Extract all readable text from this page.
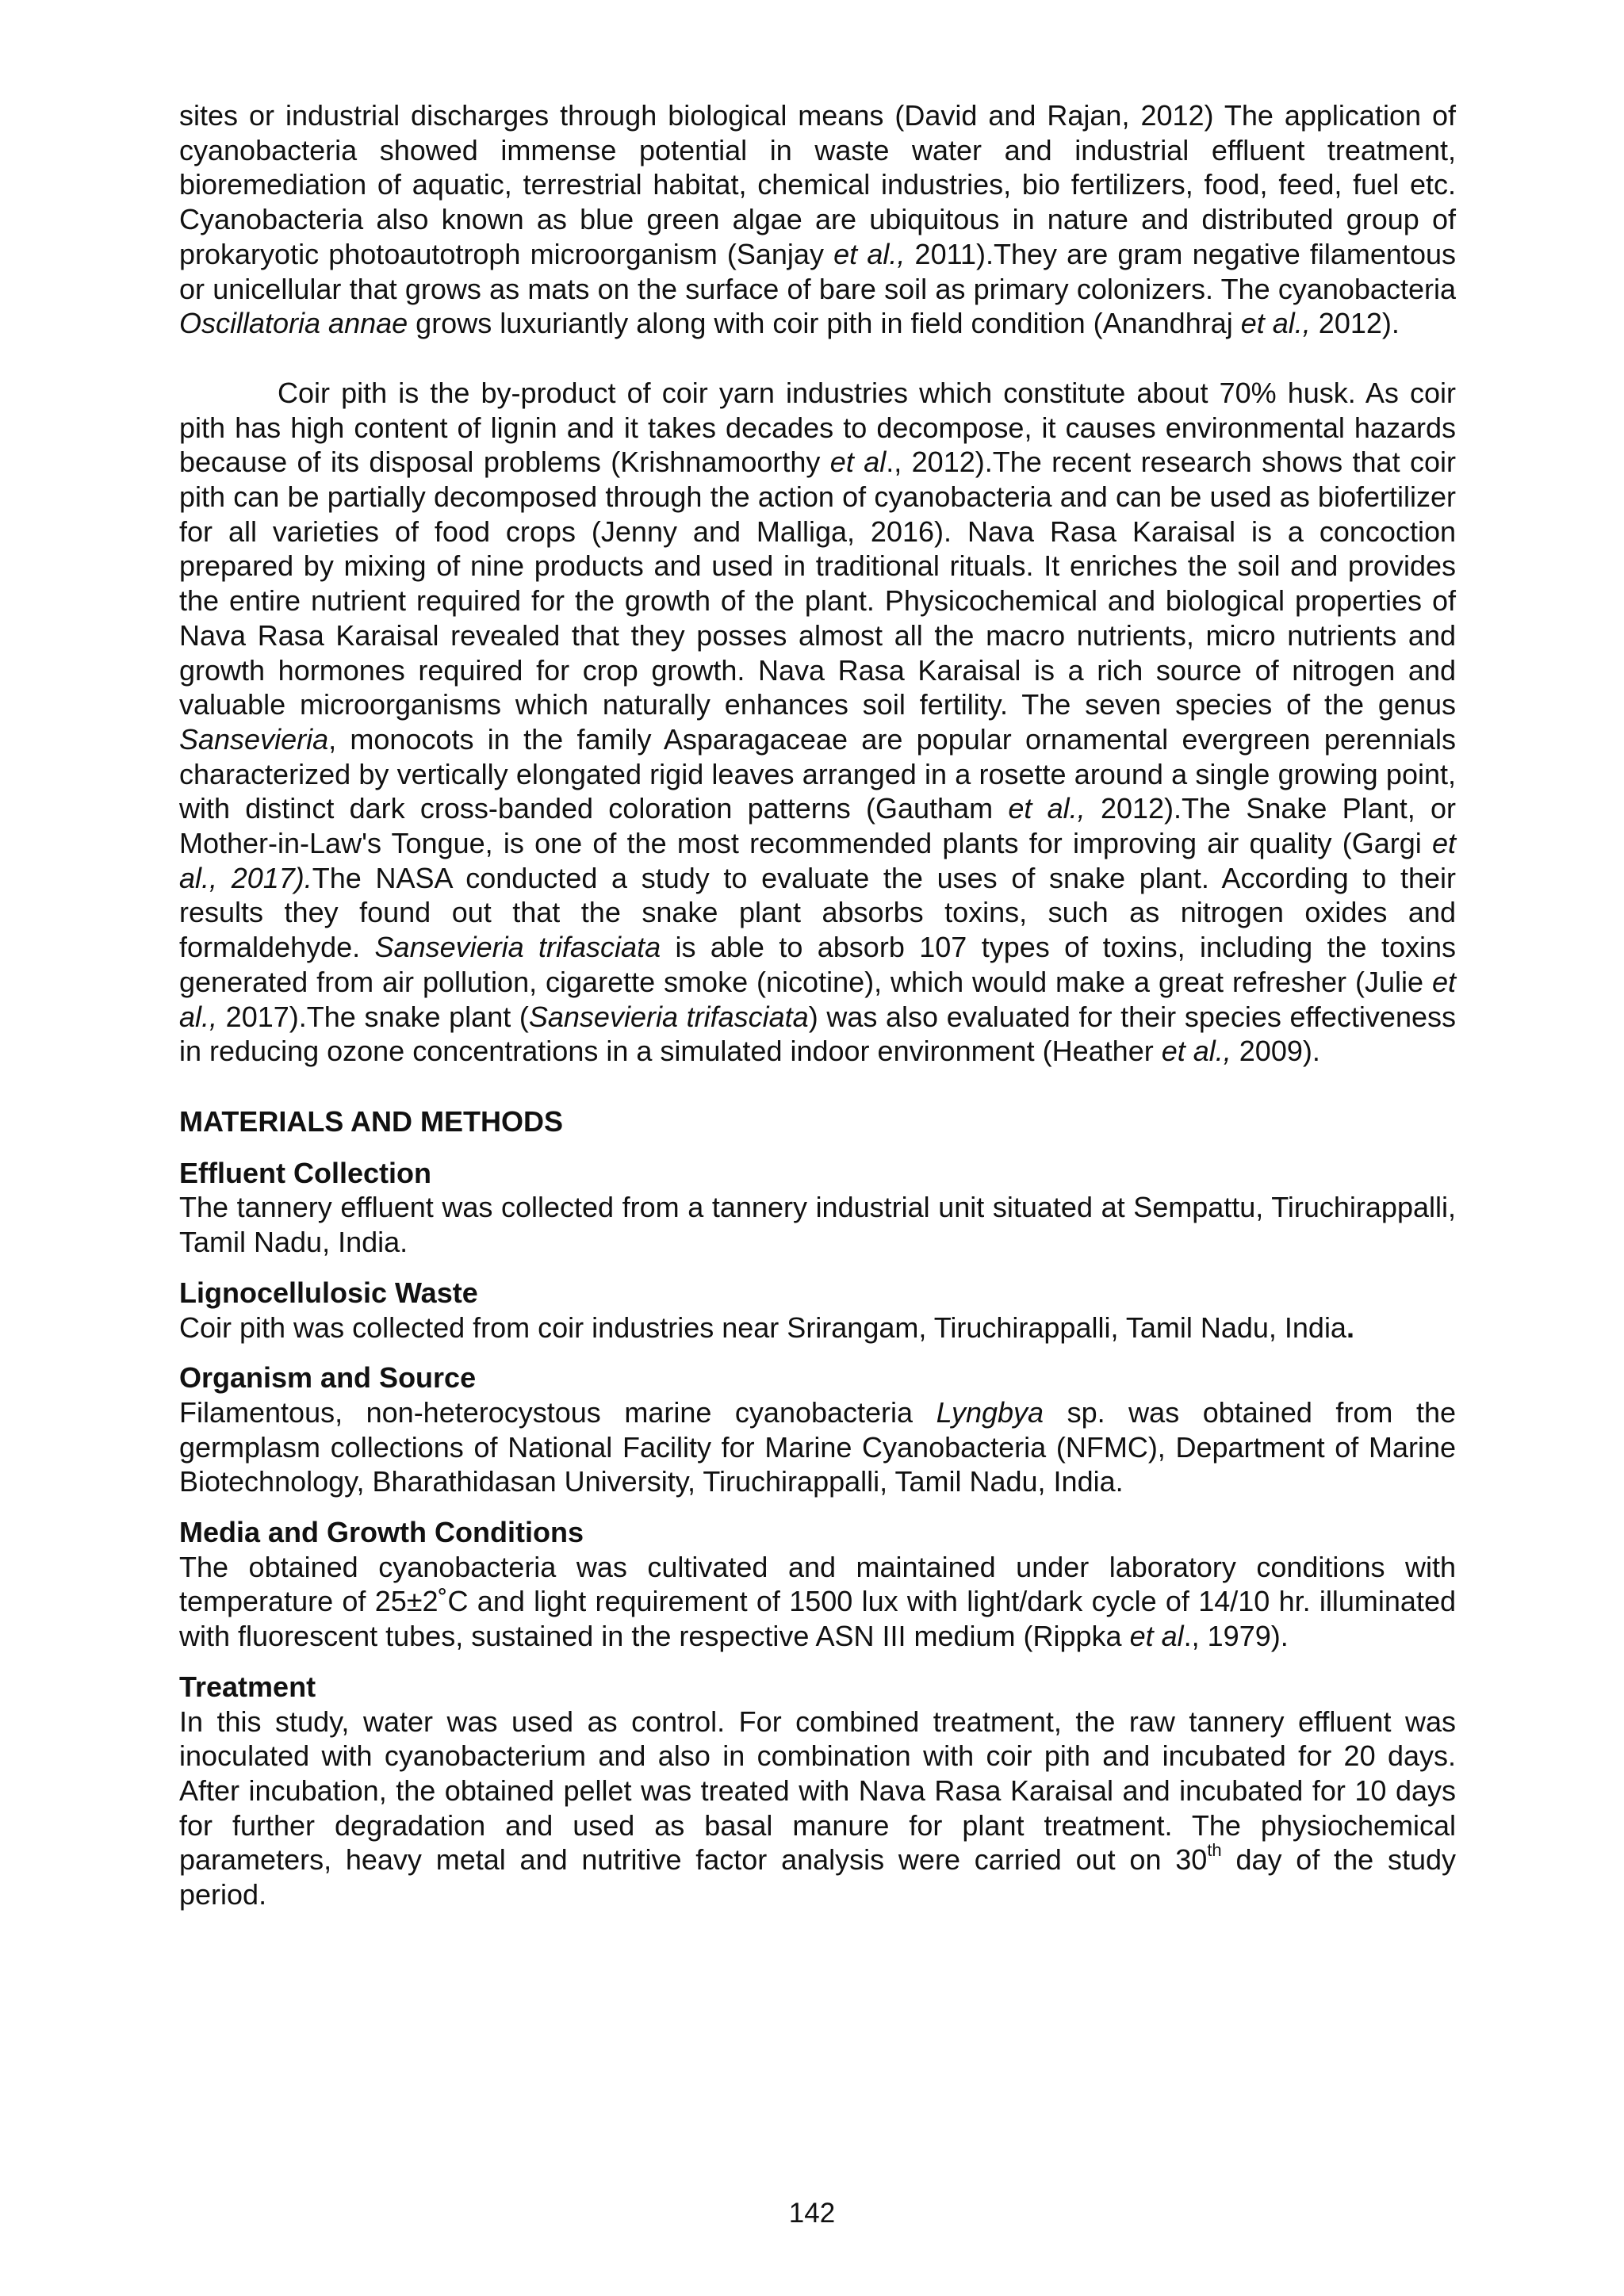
sites or industrial discharges through biological means (David and Rajan, 2012) The application of cyanobacteria showed immense potential in waste water and industrial effluent treatment, bioremediation of aquatic, terrestrial habitat, chemical industries, bio fertilizers, food, feed, fuel etc. Cyanobacteria also known as blue green algae are ubiquitous in nature and distributed group of prokaryotic photoautotroph microorganism (Sanjay et al., 2011).They are gram negative filamentous or unicellular that grows as mats on the surface of bare soil as primary colonizers. The cyanobacteria Oscillatoria annae grows luxuriantly along with coir pith in field condition (Anandhraj et al., 2012).

Coir pith is the by-product of coir yarn industries which constitute about 70% husk. As coir pith has high content of lignin and it takes decades to decompose, it causes environmental hazards because of its disposal problems (Krishnamoorthy et al., 2012).The recent research shows that coir pith can be partially decomposed through the action of cyanobacteria and can be used as biofertilizer for all varieties of food crops (Jenny and Malliga, 2016). Nava Rasa Karaisal is a concoction prepared by mixing of nine products and used in traditional rituals. It enriches the soil and provides the entire nutrient required for the growth of the plant. Physicochemical and biological properties of Nava Rasa Karaisal revealed that they posses almost all the macro nutrients, micro nutrients and growth hormones required for crop growth. Nava Rasa Karaisal is a rich source of nitrogen and valuable microorganisms which naturally enhances soil fertility. The seven species of the genus Sansevieria, monocots in the family Asparagaceae are popular ornamental evergreen perennials characterized by vertically elongated rigid leaves arranged in a rosette around a single growing point, with distinct dark cross-banded coloration patterns (Gautham et al., 2012).The Snake Plant, or Mother-in-Law's Tongue, is one of the most recommended plants for improving air quality (Gargi et al., 2017).The NASA conducted a study to evaluate the uses of snake plant. According to their results they found out that the snake plant absorbs toxins, such as nitrogen oxides and formaldehyde. Sansevieria trifasciata is able to absorb 107 types of toxins, including the toxins generated from air pollution, cigarette smoke (nicotine), which would make a great refresher (Julie et al., 2017).The snake plant (Sansevieria trifasciata) was also evaluated for their species effectiveness in reducing ozone concentrations in a simulated indoor environment (Heather et al., 2009).

MATERIALS AND METHODS

Effluent Collection

The tannery effluent was collected from a tannery industrial unit situated at Sempattu, Tiruchirappalli, Tamil Nadu, India.

Lignocellulosic Waste

Coir pith was collected from coir industries near Srirangam, Tiruchirappalli, Tamil Nadu, India.

Organism and Source

Filamentous, non-heterocystous marine cyanobacteria Lyngbya sp. was obtained from the germplasm collections of National Facility for Marine Cyanobacteria (NFMC), Department of Marine Biotechnology, Bharathidasan University, Tiruchirappalli, Tamil Nadu, India.

Media and Growth Conditions

The obtained cyanobacteria was cultivated and maintained under laboratory conditions with temperature of 25±2˚C and light requirement of 1500 lux with light/dark cycle of 14/10 hr. illuminated with fluorescent tubes, sustained in the respective ASN III medium (Rippka et al., 1979).

Treatment

In this study, water was used as control. For combined treatment, the raw tannery effluent was inoculated with cyanobacterium and also in combination with coir pith and incubated for 20 days. After incubation, the obtained pellet was treated with Nava Rasa Karaisal and incubated for 10 days for further degradation and used as basal manure for plant treatment. The physiochemical parameters, heavy metal and nutritive factor analysis were carried out on 30th day of the study period.

142
